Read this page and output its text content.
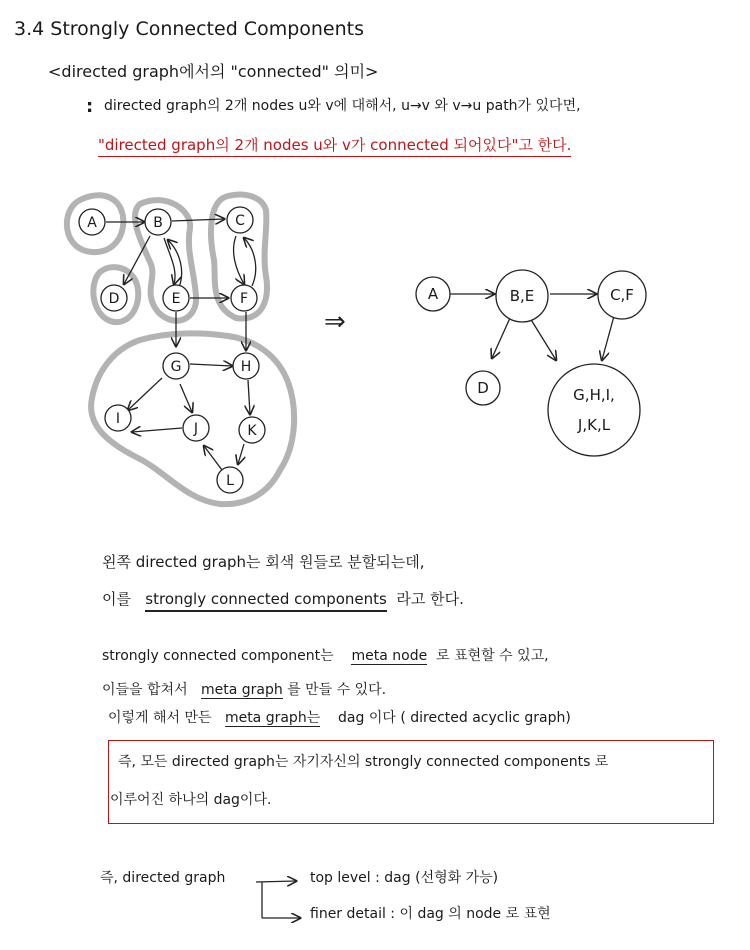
3.4 Strongly Connected Components
<directed graph에서의 "connected" 의미>
: directed graph의 2개 nodes u와 v에 대해서, u→v 와 v→u path가 있다면,
"directed graph의 2개 nodes u와 v가 connected 되어있다"고 한다.
A	B	C
D	E	F
G	H
I
J	K
L
⇒
A	B,E	C,F
D	G,H,I,
J,K,L
왼쪽 directed graph는 회색 원들로 분할되는데,
이를 strongly connected components 라고 한다.
strongly connected component는 meta node 로 표현할 수 있고,
이들을 합쳐서 meta graph 를 만들 수 있다.
이렇게 해서 만든 meta graph는 dag 이다 ( directed acyclic graph)
즉, 모든 directed graph는 자기자신의 strongly connected components 로
이루어진 하나의 dag이다.
즉, directed graph	top level : dag (선형화 가능)
finer detail : 이 dag 의 node 로 표현
